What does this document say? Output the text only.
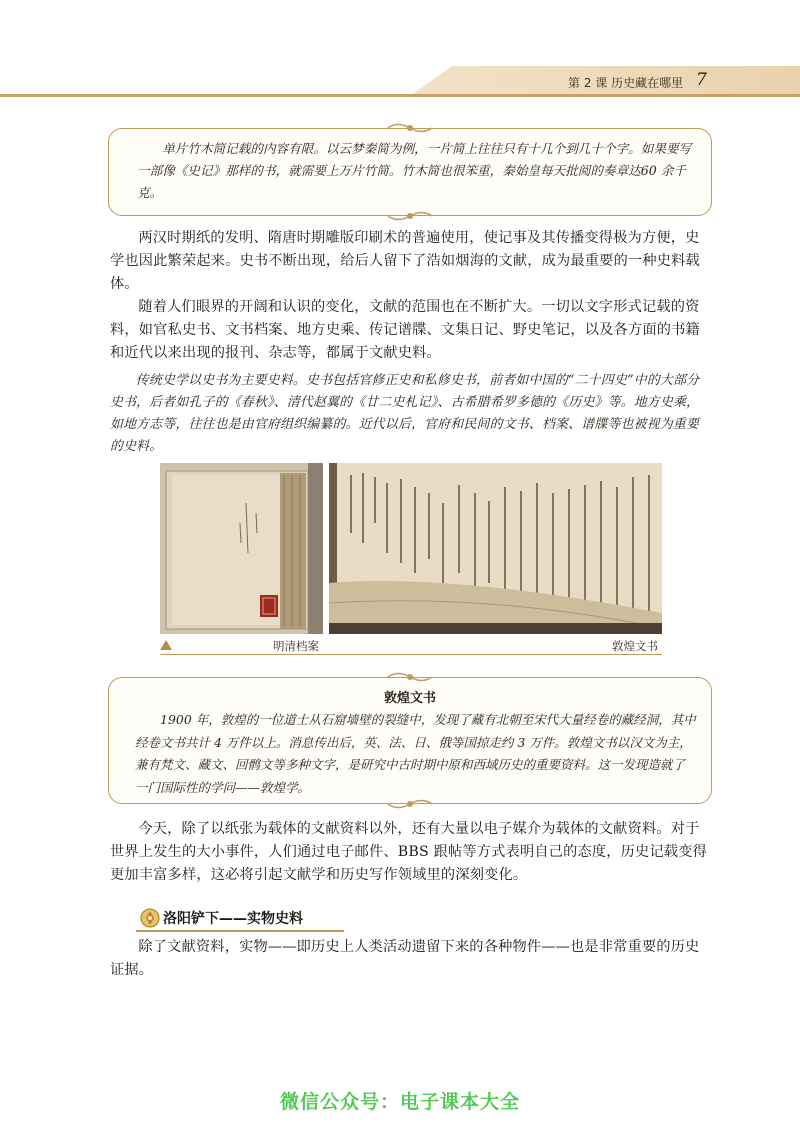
第 2 课 历史藏在哪里 7

单片竹木简记载的内容有限。以云梦秦简为例，一片简上往往只有十几个到几十个字。如果要写一部像《史记》那样的书，就需要上万片竹简。竹木简也很笨重，秦始皇每天批阅的奏章达60 余千克。

两汉时期纸的发明、隋唐时期雕版印刷术的普遍使用，使记事及其传播变得极为方便，史学也因此繁荣起来。史书不断出现，给后人留下了浩如烟海的文献，成为最重要的一种史料载体。

随着人们眼界的开阔和认识的变化，文献的范围也在不断扩大。一切以文字形式记载的资料，如官私史书、文书档案、地方史乘、传记谱牒、文集日记、野史笔记，以及各方面的书籍和近代以来出现的报刊、杂志等，都属于文献史料。

传统史学以史书为主要史料。史书包括官修正史和私修史书，前者如中国的“二十四史”中的大部分史书，后者如孔子的《春秋》、清代赵翼的《廿二史札记》、古希腊希罗多德的《历史》等。地方史乘，如地方志等，往往也是由官府组织编纂的。近代以后，官府和民间的文书、档案、谱牒等也被视为重要的史料。

明清档案	敦煌文书
敦煌文书

1900 年，敦煌的一位道士从石窟墙壁的裂缝中，发现了藏有北朝至宋代大量经卷的藏经洞，其中经卷文书共计 4 万件以上。消息传出后，英、法、日、俄等国掠走约 3 万件。敦煌文书以汉文为主，兼有梵文、藏文、回鹘文等多种文字，是研究中古时期中原和西域历史的重要资料。这一发现造就了一门国际性的学问——敦煌学。

今天，除了以纸张为载体的文献资料以外，还有大量以电子媒介为载体的文献资料。对于世界上发生的大小事件，人们通过电子邮件、BBS 跟帖等方式表明自己的态度，历史记载变得更加丰富多样，这必将引起文献学和历史写作领域里的深刻变化。

洛阳铲下——实物史料

除了文献资料，实物——即历史上人类活动遗留下来的各种物件——也是非常重要的历史证据。

微信公众号：电子课本大全
